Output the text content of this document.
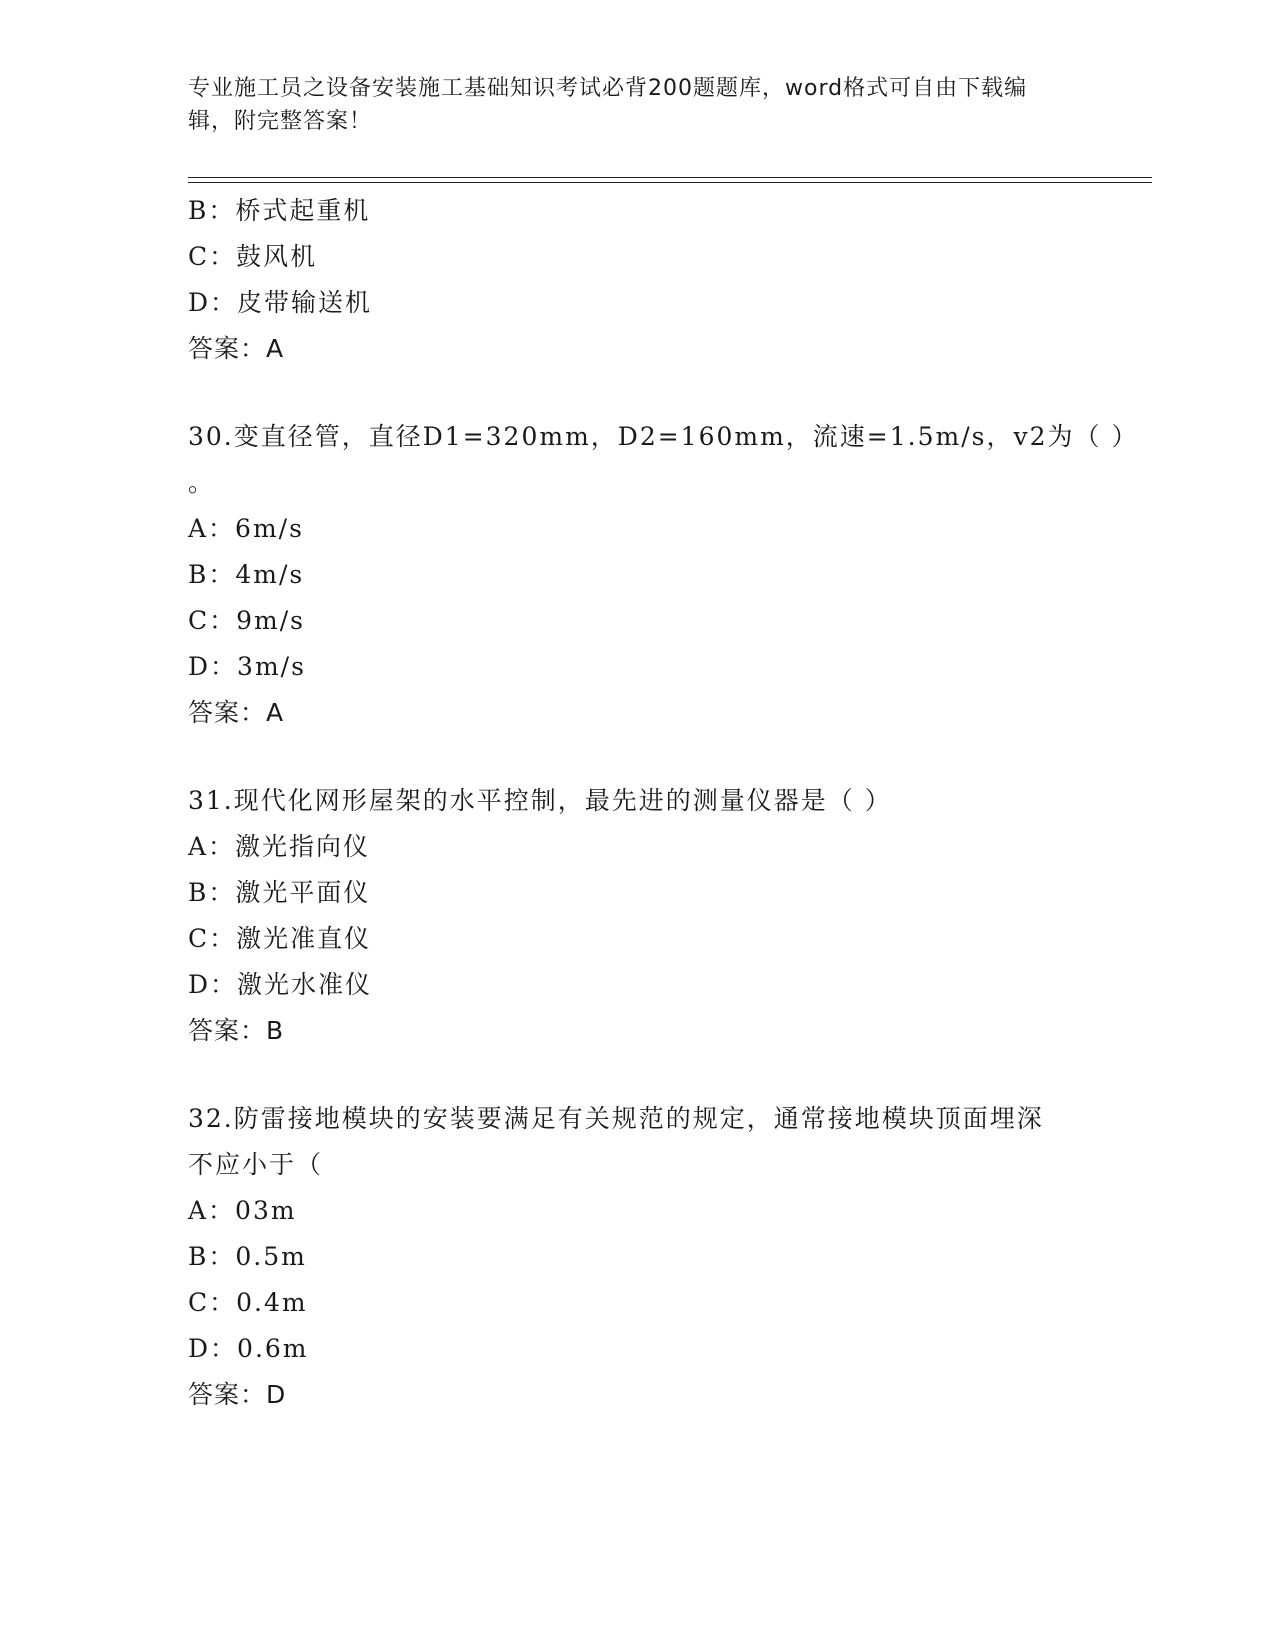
专业施工员之设备安装施工基础知识考试必背200题题库，word格式可自由下载编辑，附完整答案！
B：桥式起重机
C：鼓风机
D：皮带输送机
答案：A
30.变直径管，直径D1=320mm，D2=160mm，流速=1.5m/s，v2为（ ）
。
A：6m/s
B：4m/s
C：9m/s
D：3m/s
答案：A
31.现代化网形屋架的水平控制，最先进的测量仪器是（ ）
A：激光指向仪
B：激光平面仪
C：激光准直仪
D：激光水准仪
答案：B
32.防雷接地模块的安装要满足有关规范的规定，通常接地模块顶面埋深不应小于（
A：03m
B：0.5m
C：0.4m
D：0.6m
答案：D
